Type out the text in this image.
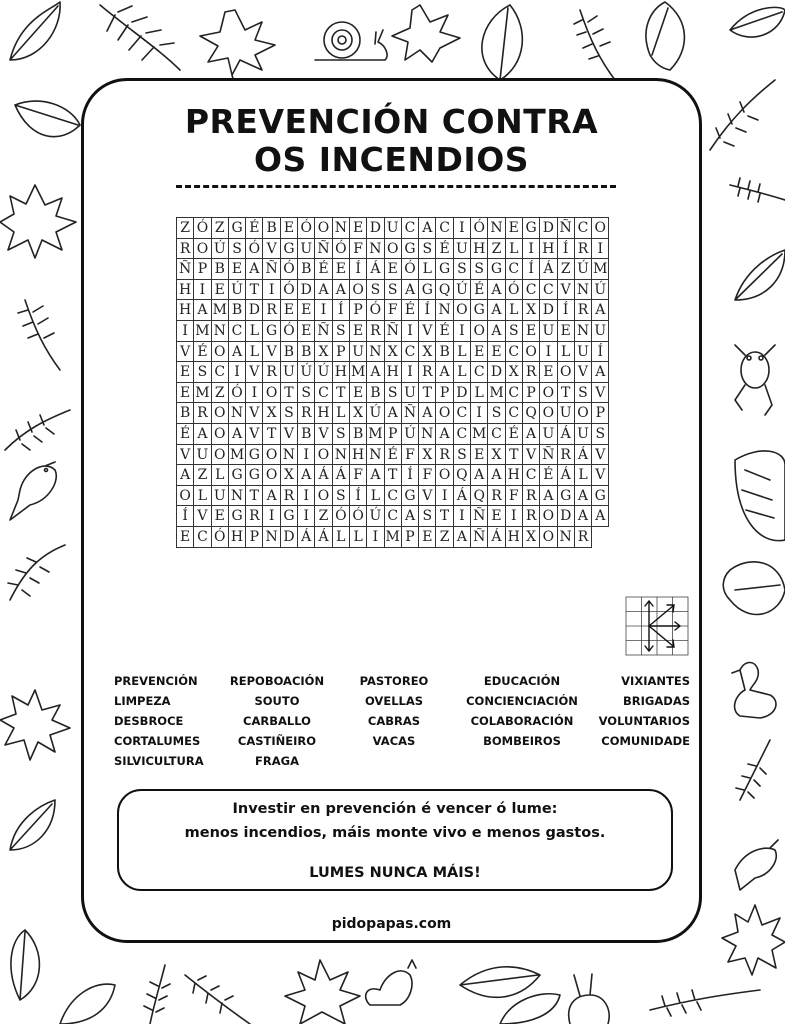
PREVENCIÓN CONTRA
OS INCENDIOS
Z Ó Z G É B E Ó O N E D U C A C I Ó N E G D Ñ C O
R O Ú S Ó V G U Ñ Ó F N O G S É U H Z L I H Í R I
Ñ P B E A Ñ Ó B É E Í Á E Ó L G S S G C Í Á Z Ú M
H I E Ú T I Ó D A A O S S A G Q Ú É A Ó C C V N Ú
H A M B D R E E I Í P Ó F É Í N O G A L X D Í R A
I M N C L G Ó E Ñ S E R Ñ I V É I O A S E U E N U
V É O A L V B B X P U N X C X B L E E C O I L U Í
E S C I V R U Ú Ú H M A H I R A L C D X R E O V A
E M Z Ó I O T S C T E B S U T P D L M C P O T S V
B R O N V X S R H L X Ú A Ñ A O C I S C Q O U O P
É A O A V T V B V S B M P Ú N A C M C É A U Á U S
V U O M G O N I O N H N É F X R S E X T V Ñ R Á V
A Z L G G O X A Á Á F A T Í F O Q A A H C É Á L V
O L U N T A R I O S Í L C G V I Á Q R F R A G A G
Í V E G R I G I Z Ó Ó Ú C A S T I Ñ E I R O D A A
E C Ó H P N D Á Á L L I M P E Z A Ñ Á H X O N R
PREVENCIÓN
LIMPEZA
DESBROCE
CORTALUMES
SILVICULTURA
REPOBOACIÓN
SOUTO
CARBALLO
CASTIÑEIRO
FRAGA
PASTOREO
OVELLAS
CABRAS
VACAS
EDUCACIÓN
CONCIENCIACIÓN
COLABORACIÓN
BOMBEIROS
VIXIANTES
BRIGADAS
VOLUNTARIOS
COMUNIDADE
Investir en prevención é vencer ó lume:
menos incendios, máis monte vivo e menos gastos.
LUMES NUNCA MÁIS!
pidopapas.com
